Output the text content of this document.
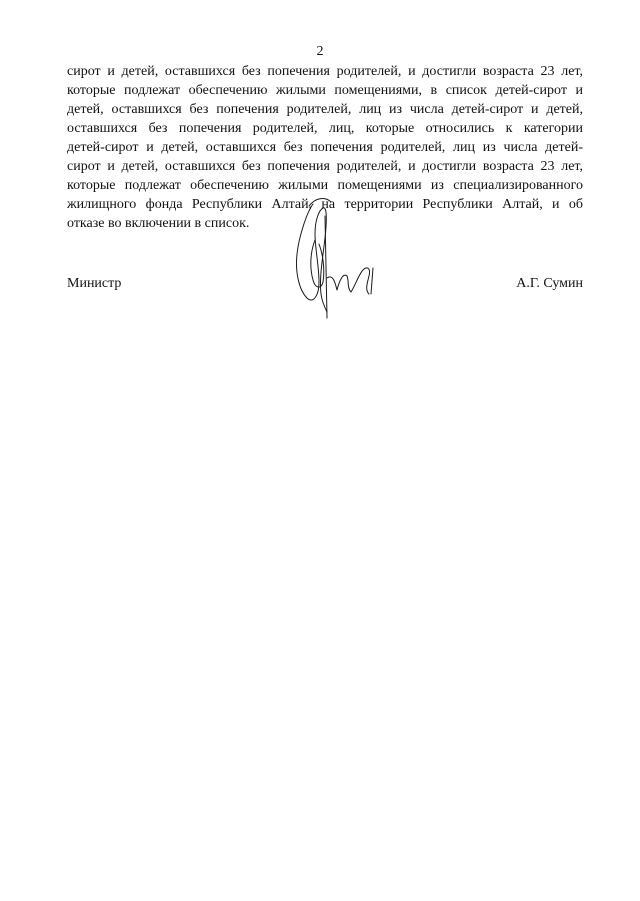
2
сирот и детей, оставшихся без попечения родителей, и достигли возраста 23 лет,
которые подлежат обеспечению жилыми помещениями, в список детей-сирот и
детей, оставшихся без попечения родителей, лиц из числа детей-сирот и детей,
оставшихся без попечения родителей, лиц, которые относились к категории
детей-сирот и детей, оставшихся без попечения родителей, лиц из числа детей-
сирот и детей, оставшихся без попечения родителей, и достигли возраста 23 лет,
которые подлежат обеспечению жилыми помещениями из специализированного
жилищного фонда Республики Алтай, на территории Республики Алтай, и об
отказе во включении в список.
Министр	А.Г. Сумин
